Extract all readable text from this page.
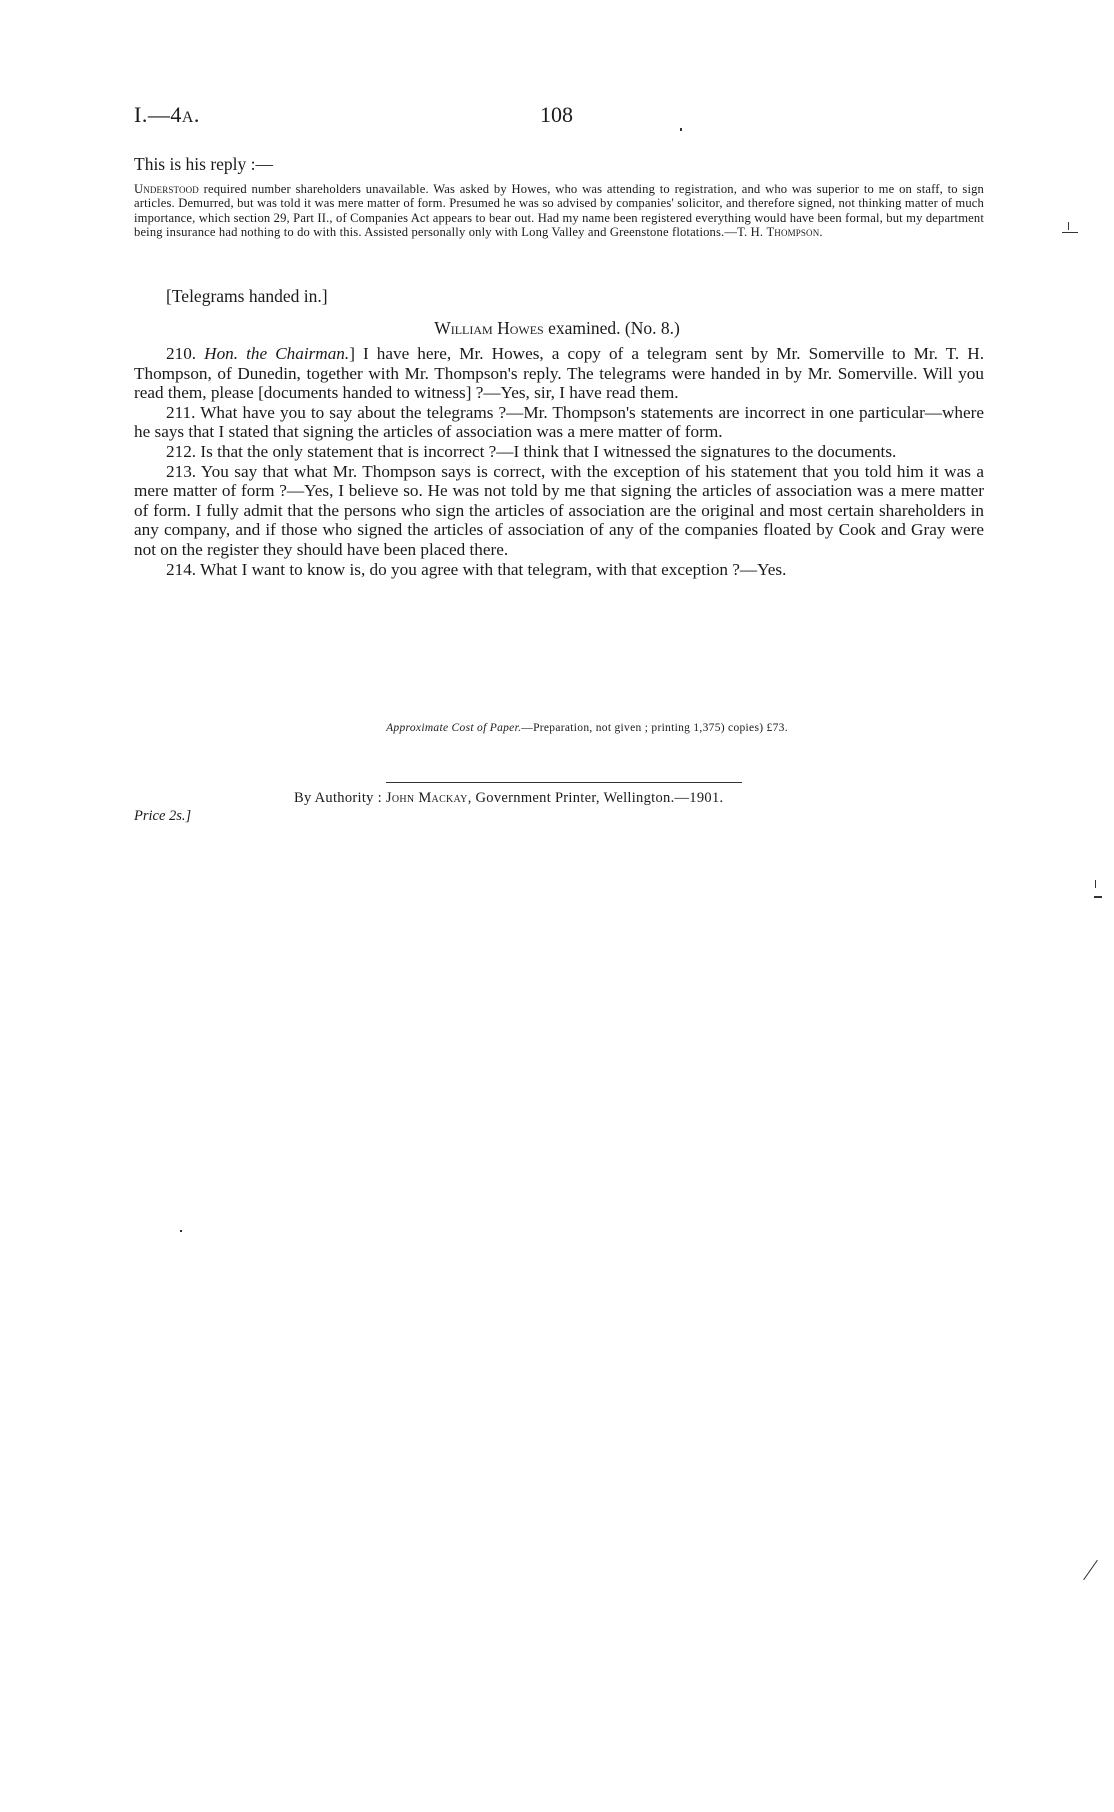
I.—4A.	108
This is his reply :—
Understood required number shareholders unavailable. Was asked by Howes, who was attending to registration, and who was superior to me on staff, to sign articles. Demurred, but was told it was mere matter of form. Presumed he was so advised by companies' solicitor, and therefore signed, not thinking matter of much importance, which section 29, Part II., of Companies Act appears to bear out. Had my name been registered everything would have been formal, but my department being insurance had nothing to do with this. Assisted personally only with Long Valley and Greenstone flotations.—T. H. Thompson.
[Telegrams handed in.]
William Howes examined. (No. 8.)

210. Hon. the Chairman.] I have here, Mr. Howes, a copy of a telegram sent by Mr. Somerville to Mr. T. H. Thompson, of Dunedin, together with Mr. Thompson's reply. The telegrams were handed in by Mr. Somerville. Will you read them, please [documents handed to witness] ?—Yes, sir, I have read them.

211. What have you to say about the telegrams ?—Mr. Thompson's statements are incorrect in one particular—where he says that I stated that signing the articles of association was a mere matter of form.

212. Is that the only statement that is incorrect ?—I think that I witnessed the signatures to the documents.

213. You say that what Mr. Thompson says is correct, with the exception of his statement that you told him it was a mere matter of form ?—Yes, I believe so. He was not told by me that signing the articles of association was a mere matter of form. I fully admit that the persons who sign the articles of association are the original and most certain shareholders in any company, and if those who signed the articles of association of any of the companies floated by Cook and Gray were not on the register they should have been placed there.

214. What I want to know is, do you agree with that telegram, with that exception ?—Yes.

Approximate Cost of Paper.—Preparation, not given ; printing 1,375) copies) £73.
By Authority : John Mackay, Government Printer, Wellington.—1901.
Price 2s.]
